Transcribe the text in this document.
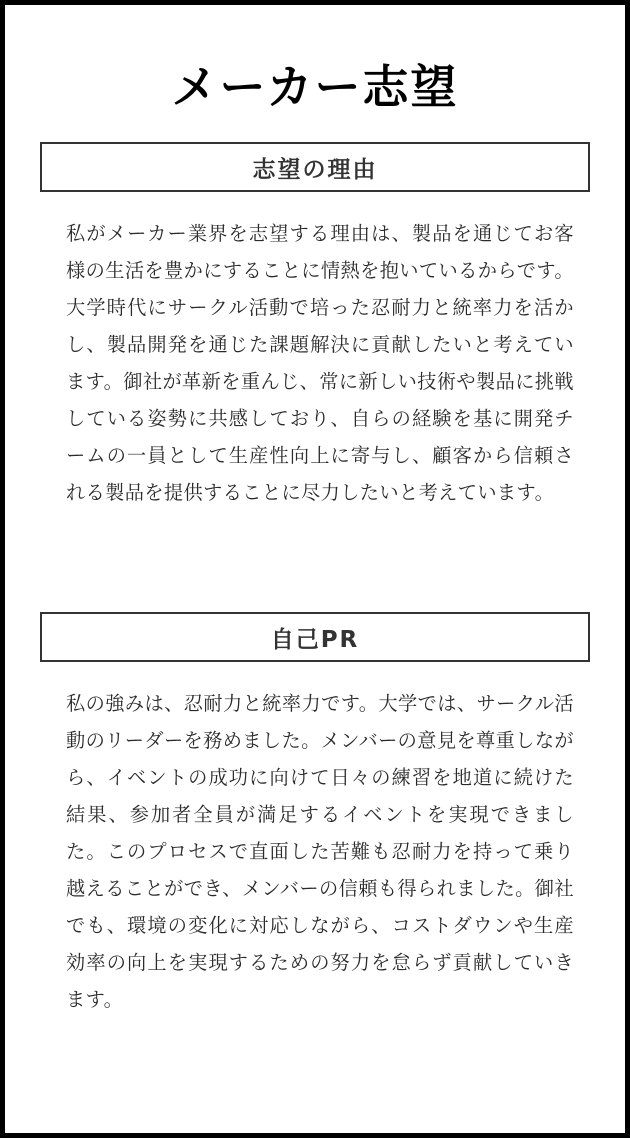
メーカー志望
志望の理由

私がメーカー業界を志望する理由は、製品を通じてお客様の生活を豊かにすることに情熱を抱いているからです。大学時代にサークル活動で培った忍耐力と統率力を活かし、製品開発を通じた課題解決に貢献したいと考えています。御社が革新を重んじ、常に新しい技術や製品に挑戦している姿勢に共感しており、自らの経験を基に開発チームの一員として生産性向上に寄与し、顧客から信頼される製品を提供することに尽力したいと考えています。

自己PR

私の強みは、忍耐力と統率力です。大学では、サークル活動のリーダーを務めました。メンバーの意見を尊重しながら、イベントの成功に向けて日々の練習を地道に続けた結果、参加者全員が満足するイベントを実現できました。このプロセスで直面した苦難も忍耐力を持って乗り越えることができ、メンバーの信頼も得られました。御社でも、環境の変化に対応しながら、コストダウンや生産効率の向上を実現するための努力を怠らず貢献していきます。
